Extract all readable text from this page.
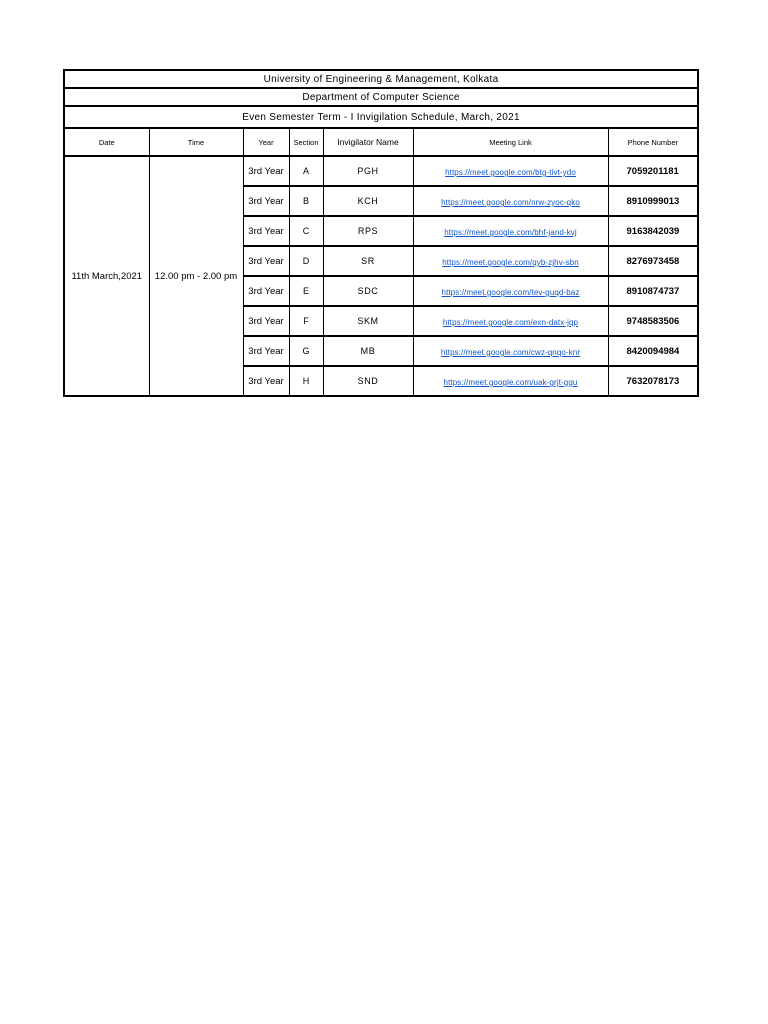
University of Engineering & Management, Kolkata						
Department of Computer Science						
Even Semester Term - I Invigilation Schedule, March, 2021						
Date	Time	Year	Section	Invigilator Name	Meeting Link	Phone Number
11th March,2021	12.00 pm - 2.00 pm	3rd Year	A	PGH	https://meet.google.com/btg-tivt-ydo	7059201181
		3rd Year	B	KCH	https://meet.google.com/nrw-zyoc-qko	8910999013
		3rd Year	C	RPS	https://meet.google.com/bhf-jand-kvj	9163842039
		3rd Year	D	SR	https://meet.google.com/qyb-zjhv-sbn	8276973458
		3rd Year	E	SDC	https://meet.google.com/tev-guqd-baz	8910874737
		3rd Year	F	SKM	https://meet.google.com/exn-datx-jqp	9748583506
		3rd Year	G	MB	https://meet.google.com/cwz-qnqo-knr	8420094984
		3rd Year	H	SND	https://meet.google.com/uak-grjt-ggu	7632078173
